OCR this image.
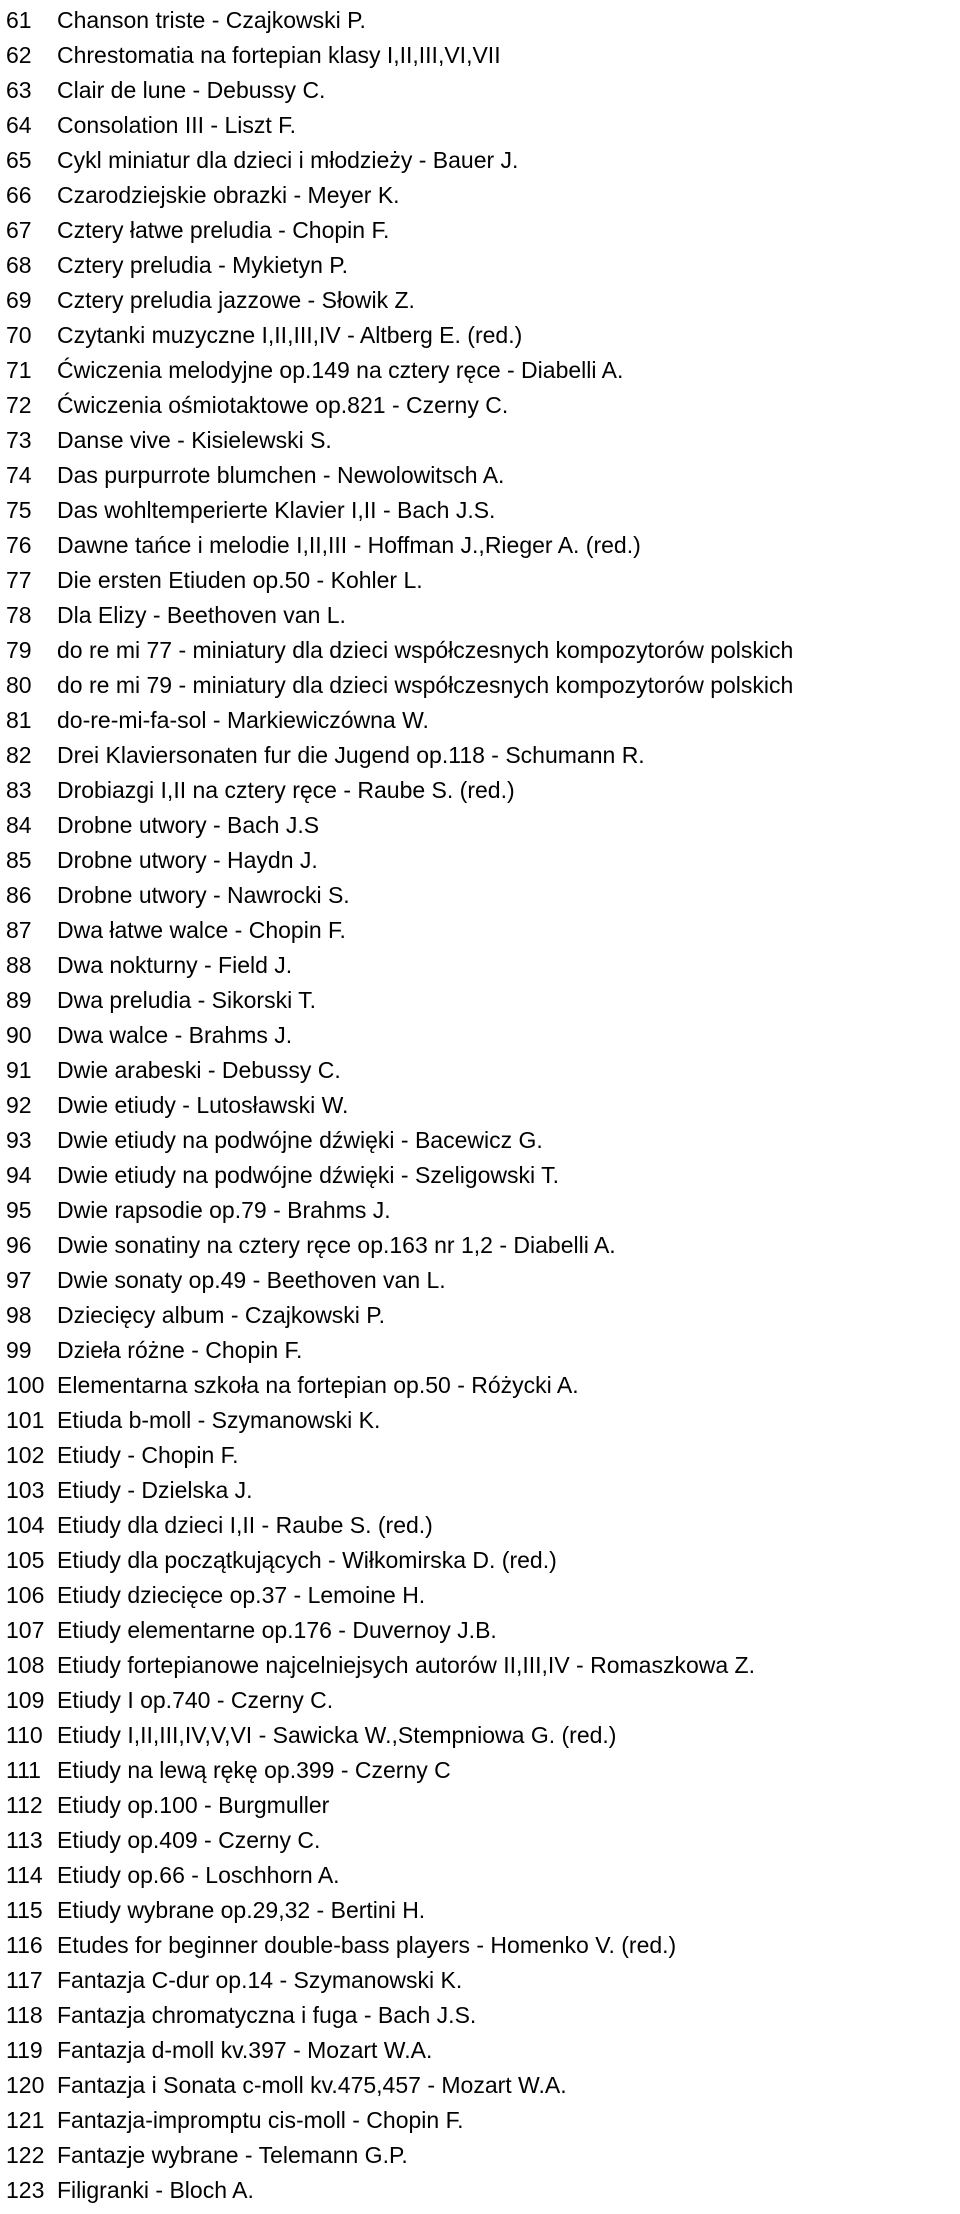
61	Chanson triste - Czajkowski P.
62	Chrestomatia na fortepian klasy I,II,III,VI,VII
63	Clair de lune - Debussy C.
64	Consolation III - Liszt F.
65	Cykl miniatur dla dzieci i młodzieży - Bauer J.
66	Czarodziejskie obrazki - Meyer K.
67	Cztery łatwe preludia - Chopin F.
68	Cztery preludia - Mykietyn P.
69	Cztery preludia jazzowe - Słowik Z.
70	Czytanki muzyczne I,II,III,IV - Altberg E. (red.)
71	Ćwiczenia melodyjne op.149 na cztery ręce - Diabelli A.
72	Ćwiczenia ośmiotaktowe op.821 - Czerny C.
73	Danse vive - Kisielewski S.
74	Das purpurrote blumchen - Newolowitsch A.
75	Das wohltemperierte Klavier I,II - Bach J.S.
76	Dawne tańce i melodie I,II,III - Hoffman J.,Rieger A. (red.)
77	Die ersten Etiuden op.50 - Kohler L.
78	Dla Elizy - Beethoven van L.
79	do re mi 77 - miniatury dla dzieci współczesnych kompozytorów polskich
80	do re mi 79 - miniatury dla dzieci współczesnych kompozytorów polskich
81	do-re-mi-fa-sol - Markiewiczówna W.
82	Drei Klaviersonaten fur die Jugend op.118 - Schumann R.
83	Drobiazgi I,II na cztery ręce - Raube S. (red.)
84	Drobne utwory - Bach J.S
85	Drobne utwory - Haydn J.
86	Drobne utwory - Nawrocki S.
87	Dwa łatwe walce - Chopin F.
88	Dwa nokturny - Field J.
89	Dwa preludia - Sikorski T.
90	Dwa walce - Brahms J.
91	Dwie arabeski - Debussy C.
92	Dwie etiudy - Lutosławski W.
93	Dwie etiudy na podwójne dźwięki - Bacewicz G.
94	Dwie etiudy na podwójne dźwięki - Szeligowski T.
95	Dwie rapsodie op.79 - Brahms J.
96	Dwie sonatiny na cztery ręce op.163 nr 1,2 - Diabelli A.
97	Dwie sonaty op.49 - Beethoven van L.
98	Dziecięcy album - Czajkowski P.
99	Dzieła różne - Chopin F.
100 Elementarna szkoła na fortepian op.50 - Różycki A.
101 Etiuda b-moll - Szymanowski K.
102 Etiudy - Chopin F.
103 Etiudy - Dzielska J.
104 Etiudy dla dzieci I,II - Raube S. (red.)
105 Etiudy dla początkujących - Wiłkomirska D. (red.)
106 Etiudy dziecięce op.37 - Lemoine H.
107 Etiudy elementarne op.176 - Duvernoy J.B.
108 Etiudy fortepianowe najcelniejsych autorów II,III,IV - Romaszkowa Z.
109 Etiudy I op.740 - Czerny C.
110 Etiudy I,II,III,IV,V,VI - Sawicka W.,Stempniowa G. (red.)
111 Etiudy na lewą rękę op.399 - Czerny C
112 Etiudy op.100 - Burgmuller
113 Etiudy op.409 - Czerny C.
114 Etiudy op.66 - Loschhorn A.
115 Etiudy wybrane op.29,32 - Bertini H.
116 Etudes for beginner double-bass players - Homenko V. (red.)
117 Fantazja C-dur op.14 - Szymanowski K.
118 Fantazja chromatyczna i fuga - Bach J.S.
119 Fantazja d-moll kv.397 - Mozart W.A.
120 Fantazja i Sonata c-moll kv.475,457 - Mozart W.A.
121 Fantazja-impromptu cis-moll - Chopin F.
122 Fantazje wybrane - Telemann G.P.
123 Filigranki - Bloch A.
